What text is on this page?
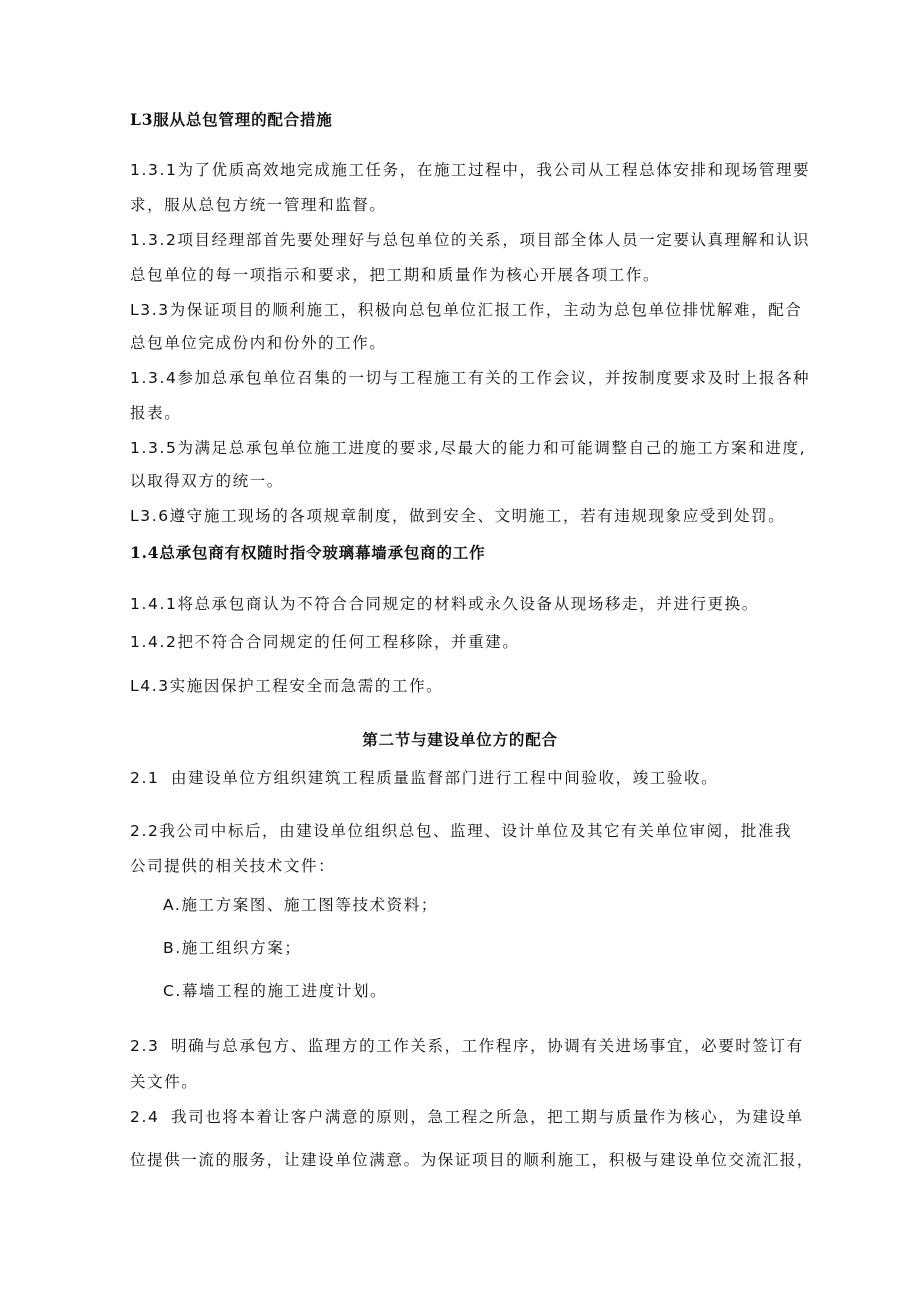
L3服从总包管理的配合措施
1.3.1为了优质高效地完成施工任务，在施工过程中，我公司从工程总体安排和现场管理要
求，服从总包方统一管理和监督。
1.3.2项目经理部首先要处理好与总包单位的关系，项目部全体人员一定要认真理解和认识
总包单位的每一项指示和要求，把工期和质量作为核心开展各项工作。
L3.3为保证项目的顺利施工，积极向总包单位汇报工作，主动为总包单位排忧解难，配合
总包单位完成份内和份外的工作。
1.3.4参加总承包单位召集的一切与工程施工有关的工作会议，并按制度要求及时上报各种
报表。
1.3.5为满足总承包单位施工进度的要求,尽最大的能力和可能调整自己的施工方案和进度,
以取得双方的统一。
L3.6遵守施工现场的各项规章制度，做到安全、文明施工，若有违规现象应受到处罚。
1.4总承包商有权随时指令玻璃幕墙承包商的工作
1.4.1将总承包商认为不符合合同规定的材料或永久设备从现场移走，并进行更换。
1.4.2把不符合合同规定的任何工程移除，并重建。
L4.3实施因保护工程安全而急需的工作。
第二节与建设单位方的配合
2.1 由建设单位方组织建筑工程质量监督部门进行工程中间验收，竣工验收。
2.2我公司中标后，由建设单位组织总包、监理、设计单位及其它有关单位审阅，批准我
公司提供的相关技术文件：
A.施工方案图、施工图等技术资料；
B.施工组织方案；
C.幕墙工程的施工进度计划。
2.3 明确与总承包方、监理方的工作关系，工作程序，协调有关进场事宜，必要时签订有
关文件。
2.4 我司也将本着让客户满意的原则，急工程之所急，把工期与质量作为核心，为建设单
位提供一流的服务，让建设单位满意。为保证项目的顺利施工，积极与建设单位交流汇报，
